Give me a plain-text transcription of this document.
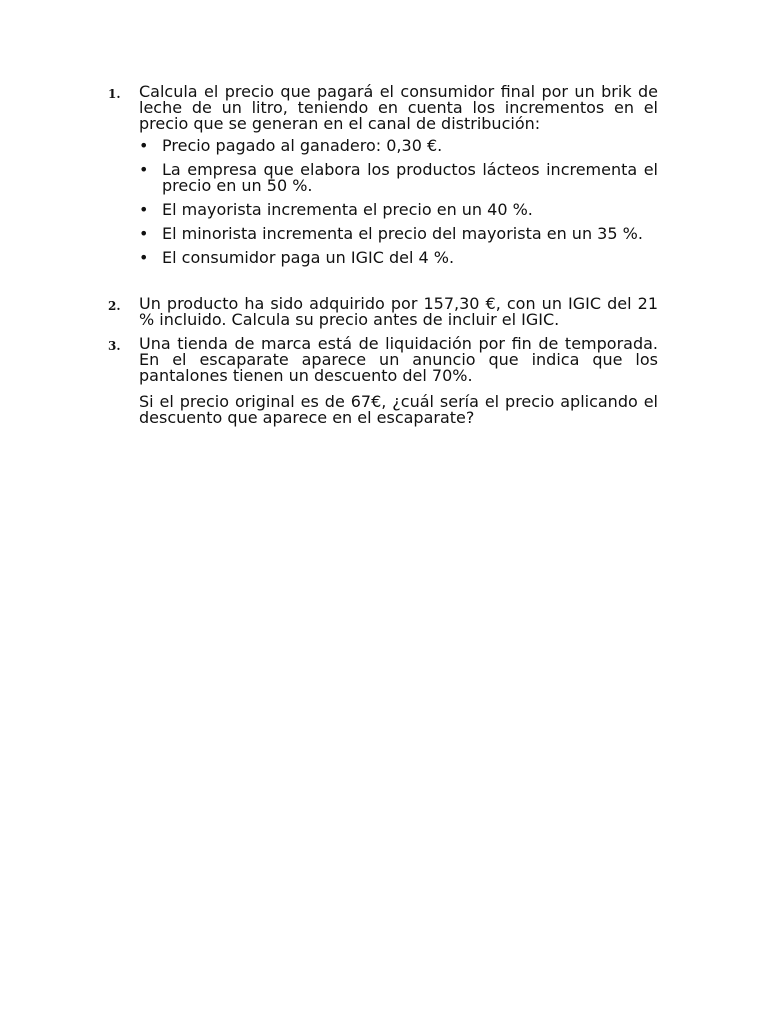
1. Calcula el precio que pagará el consumidor final por un brik de leche de un litro, teniendo en cuenta los incrementos en el precio que se generan en el canal de distribución:

• Precio pagado al ganadero: 0,30 €.
• La empresa que elabora los productos lácteos incrementa el precio en un 50 %.
• El mayorista incrementa el precio en un 40 %.
• El minorista incrementa el precio del mayorista en un 35 %.
• El consumidor paga un IGIC del 4 %.
2. Un producto ha sido adquirido por 157,30 €, con un IGIC del 21 % incluido. Calcula su precio antes de incluir el IGIC.

3. Una tienda de marca está de liquidación por fin de temporada. En el escaparate aparece un anuncio que indica que los pantalones tienen un descuento del 70%.

Si el precio original es de 67€, ¿cuál sería el precio aplicando el descuento que aparece en el escaparate?
